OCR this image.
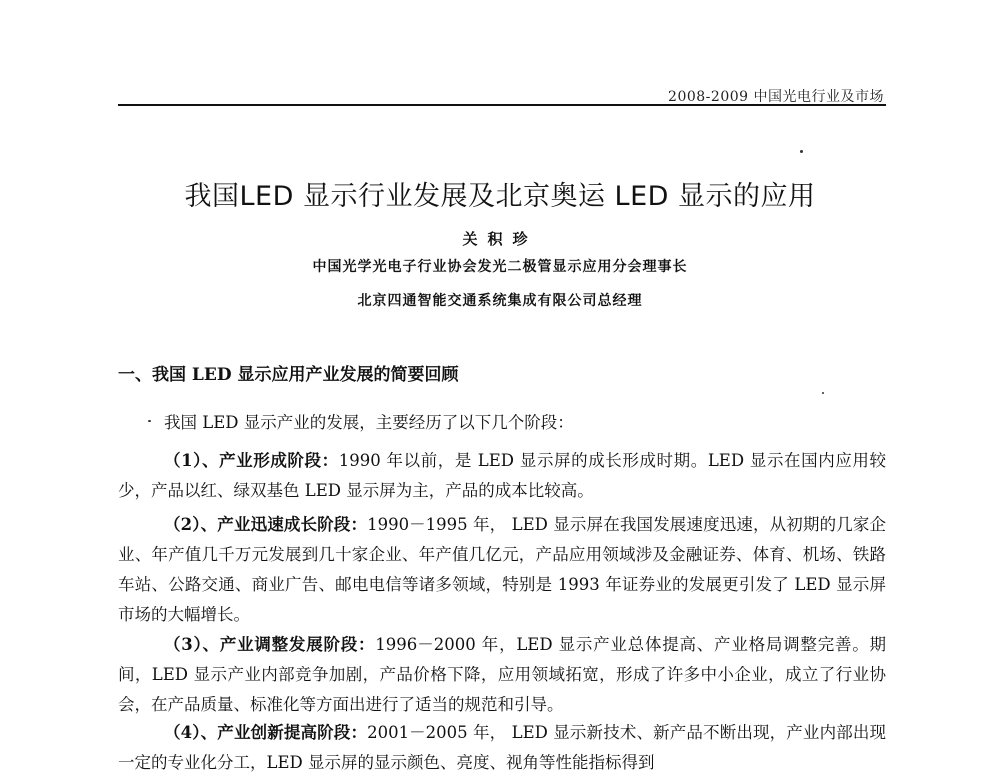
2008-2009 中国光电行业及市场
我国LED 显示行业发展及北京奥运 LED 显示的应用
关积珍
中国光学光电子行业协会发光二极管显示应用分会理事长
北京四通智能交通系统集成有限公司总经理
一、我国 LED 显示应用产业发展的简要回顾
我国 LED 显示产业的发展，主要经历了以下几个阶段：
（1）、产业形成阶段：1990 年以前，是 LED 显示屏的成长形成时期。LED 显示在国内应用较少，产品以红、绿双基色 LED 显示屏为主，产品的成本比较高。
（2）、产业迅速成长阶段：1990－1995 年， LED 显示屏在我国发展速度迅速，从初期的几家企业、年产值几千万元发展到几十家企业、年产值几亿元，产品应用领域涉及金融证券、体育、机场、铁路车站、公路交通、商业广告、邮电电信等诸多领域，特别是 1993 年证券业的发展更引发了 LED 显示屏市场的大幅增长。
（3）、产业调整发展阶段：1996－2000 年，LED 显示产业总体提高、产业格局调整完善。期间，LED 显示产业内部竞争加剧，产品价格下降，应用领域拓宽，形成了许多中小企业，成立了行业协会，在产品质量、标准化等方面出进行了适当的规范和引导。
（4）、产业创新提高阶段：2001－2005 年， LED 显示新技术、新产品不断出现，产业内部出现一定的专业化分工，LED 显示屏的显示颜色、亮度、视角等性能指标得到
